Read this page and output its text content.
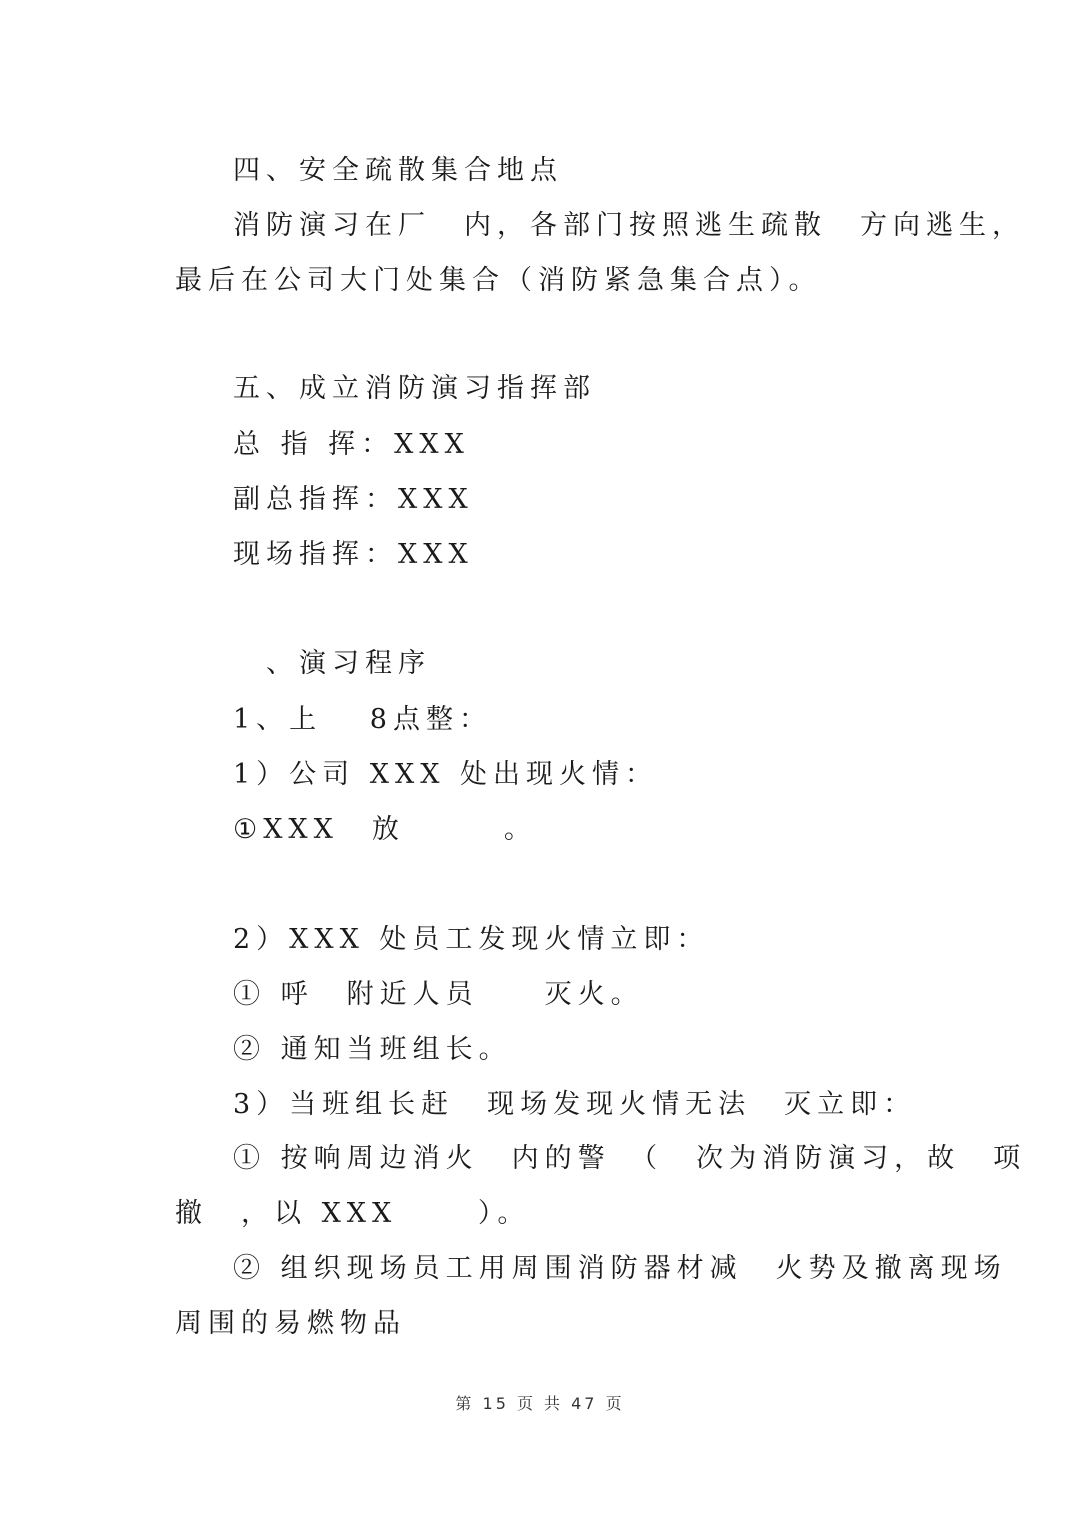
四、安全疏散集合地点
消防演习在厂　内，各部门按照逃生疏散　方向逃生，
最后在公司大门处集合（消防紧急集合点）。
五、成立消防演习指挥部
总 指 挥：XXX
副总指挥：XXX
现场指挥：XXX
　、演习程序
1、上　 8点整：
1）公司 XXX 处出现火情：
①XXX　放　　　。
2）XXX 处员工发现火情立即：
① 呼　附近人员　　灭火。
② 通知当班组长。
3）当班组长赶　现场发现火情无法　灭立即：
① 按响周边消火　内的警　（　次为消防演习，故　项
撤　，以 XXX　　 ）。
② 组织现场员工用周围消防器材减　火势及撤离现场
周围的易燃物品
第 15 页 共 47 页
